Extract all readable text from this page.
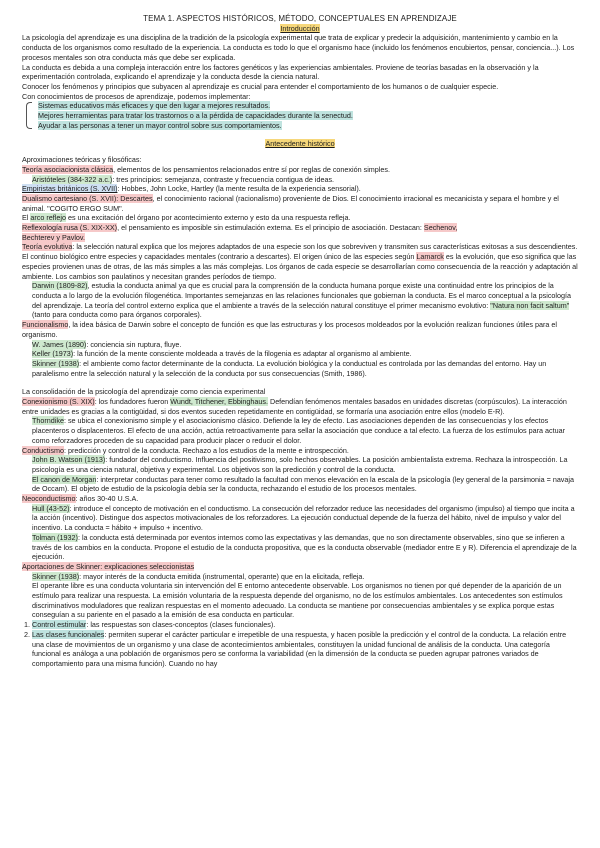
TEMA 1. ASPECTOS HISTÓRICOS, MÉTODO, CONCEPTUALES EN APRENDIZAJE

Introducción

La psicología del aprendizaje es una disciplina de la tradición de la psicología experimental que trata de explicar y predecir la adquisición, mantenimiento y cambio en la conducta de los organismos como resultado de la experiencia. La conducta es todo lo que el organismo hace (incluido los fenómenos encubiertos, pensar, conciencia...). Los procesos mentales son otra conducta más que debe ser explicada.

La conducta es debida a una compleja interacción entre los factores genéticos y las experiencias ambientales. Proviene de teorías basadas en la observación y la experimentación controlada, explicando el aprendizaje y la conducta desde la ciencia natural.

Conocer los fenómenos y principios que subyacen al aprendizaje es crucial para entender el comportamiento de los humanos o de cualquier especie.

Con conocimientos de procesos de aprendizaje, podemos implementar:

Sistemas educativos más eficaces y que den lugar a mejores resultados.

Mejores herramientas para tratar los trastornos o a la pérdida de capacidades durante la senectud.

Ayudar a las personas a tener un mayor control sobre sus comportamientos.

Antecedente histórico

Aproximaciones teóricas y filosóficas:

Teoría asociacionista clásica, elementos de los pensamientos relacionados entre sí por reglas de conexión simples.

Aristóteles (384-322 a.c.): tres principios: semejanza, contraste y frecuencia contigua de ideas.

Empiristas británicos (S. XVII): Hobbes, John Locke, Hartley (la mente resulta de la experiencia sensorial).

Dualismo cartesiano (S. XVII): Descartes, el conocimiento racional (racionalismo) proveniente de Dios. El conocimiento irracional es mecanicista y separa el hombre y el animal. "COGITO ERGO SUM".

El arco reflejo es una excitación del órgano por acontecimiento externo y esto da una respuesta refleja.

Reflexología rusa (S. XIX-XX), el pensamiento es imposible sin estimulación externa. Es el principio de asociación. Destacan: Sechenov,
Bechterev y Pavlov.

Teoría evolutiva: la selección natural explica que los mejores adaptados de una especie son los que sobreviven y transmiten sus características exitosas a sus descendientes.

El continuo biológico entre especies y capacidades mentales (contrario a descartes). El origen único de las especies según Lamarck es la evolución, que eso significa que las especies provienen unas de otras, de las más simples a las más complejas. Los órganos de cada especie se desarrollarían como consecuencia de la reacción y adaptación al ambiente. Los cambios son paulatinos y necesitan grandes períodos de tiempo.

Darwin (1809-82), estudia la conducta animal ya que es crucial para la comprensión de la conducta humana porque existe una continuidad entre los principios de la conducta a lo largo de la evolución filogenética. Importantes semejanzas en las relaciones funcionales que gobiernan la conducta. Es el marco conceptual a la psicología del aprendizaje. La teoría del control externo explica que el ambiente a través de la selección natural constituye el primer mecanismo evolutivo: "Natura non facit saltum" (tanto para conducta como para órganos corporales).

Funcionalismo, la idea básica de Darwin sobre el concepto de función es que las estructuras y los procesos moldeados por la evolución realizan funciones útiles para el organismo.

W. James (1890): conciencia sin ruptura, fluye.

Keller (1973): la función de la mente consciente moldeada a través de la filogenia es adaptar al organismo al ambiente.

Skinner (1938): el ambiente como factor determinante de la conducta. La evolución biológica y la conductual es controlada por las demandas del entorno. Hay un paralelismo entre la selección natural y la selección de la conducta por sus consecuencias (Smith, 1986).

La consolidación de la psicología del aprendizaje como ciencia experimental

Conexionismo (S. XIX): los fundadores fueron Wundt, Titchener, Ebbinghaus. Defendían fenómenos mentales basados en unidades discretas (corpúsculos). La interacción entre unidades es gracias a la contigüidad, si dos eventos suceden repetidamente en contigüidad, se formaría una asociación entre ellos (modelo E-R).

Thorndike: se ubica el conexionismo simple y el asociacionismo clásico. Defiende la ley de efecto. Las asociaciones dependen de las consecuencias y los efectos placenteros o displacenteros. El efecto de una acción, actúa retroactivamente para sellar la asociación que conduce a tal efecto. La fuerza de los estímulos para actuar como reforzadores proceden de su capacidad para producir placer o reducir el dolor.

Conductismo: predicción y control de la conducta. Rechazo a los estudios de la mente e introspección.

John B. Watson (1913): fundador del conductismo. Influencia del positivismo, solo hechos observables. La posición ambientalista extrema. Rechaza la introspección. La psicología es una ciencia natural, objetiva y experimental. Los objetivos son la predicción y control de la conducta.

El canon de Morgan: interpretar conductas para tener como resultado la facultad con menos elevación en la escala de la psicología (ley general de la parsimonia = navaja de Occam). El objeto de estudio de la psicología debía ser la conducta, rechazando el estudio de los procesos mentales.

Neoconductismo: años 30-40 U.S.A.

Hull (43-52): introduce el concepto de motivación en el conductismo. La consecución del reforzador reduce las necesidades del organismo (impulso) al tiempo que incita a la acción (incentivo). Distingue dos aspectos motivacionales de los reforzadores. La ejecución conductual depende de la fuerza del hábito, nivel de impulso y valor del incentivo. La conducta = hábito + impulso + incentivo.

Tolman (1932): la conducta está determinada por eventos internos como las expectativas y las demandas, que no son directamente observables, sino que se infieren a través de los cambios en la conducta. Propone el estudio de la conducta propositiva, que es la conducta observable (mediador entre E y R). Diferencia el aprendizaje de la ejecución.

Aportaciones de Skinner: explicaciones seleccionistas

Skinner (1938): mayor interés de la conducta emitida (instrumental, operante) que en la elicitada, refleja.

El operante libre es una conducta voluntaria sin intervención del E entorno antecedente observable. Los organismos no tienen por qué depender de la aparición de un estímulo para realizar una respuesta. La emisión voluntaria de la respuesta depende del organismo, no de los estímulos ambientales. Los antecedentes son estímulos discriminativos moduladores que realizan respuestas en el momento adecuado. La conducta se mantiene por consecuencias ambientales y se explica porque estas conseguían a su pariente en el pasado a la emisión de esa conducta en particular.

1. Control estimular: las respuestas son clases-conceptos (clases funcionales).
2. Las clases funcionales: permiten superar el carácter particular e irrepetible de una respuesta, y hacen posible la predicción y el control de la conducta. La relación entre una clase de movimientos de un organismo y una clase de acontecimientos ambientales, constituyen la unidad funcional de análisis de la conducta. Una categoría funcional es análoga a una población de organismos pero se conforma la variabilidad (en la dimensión de la conducta se pueden agrupar patrones variados de comportamiento para una misma función). Cuando no hay
